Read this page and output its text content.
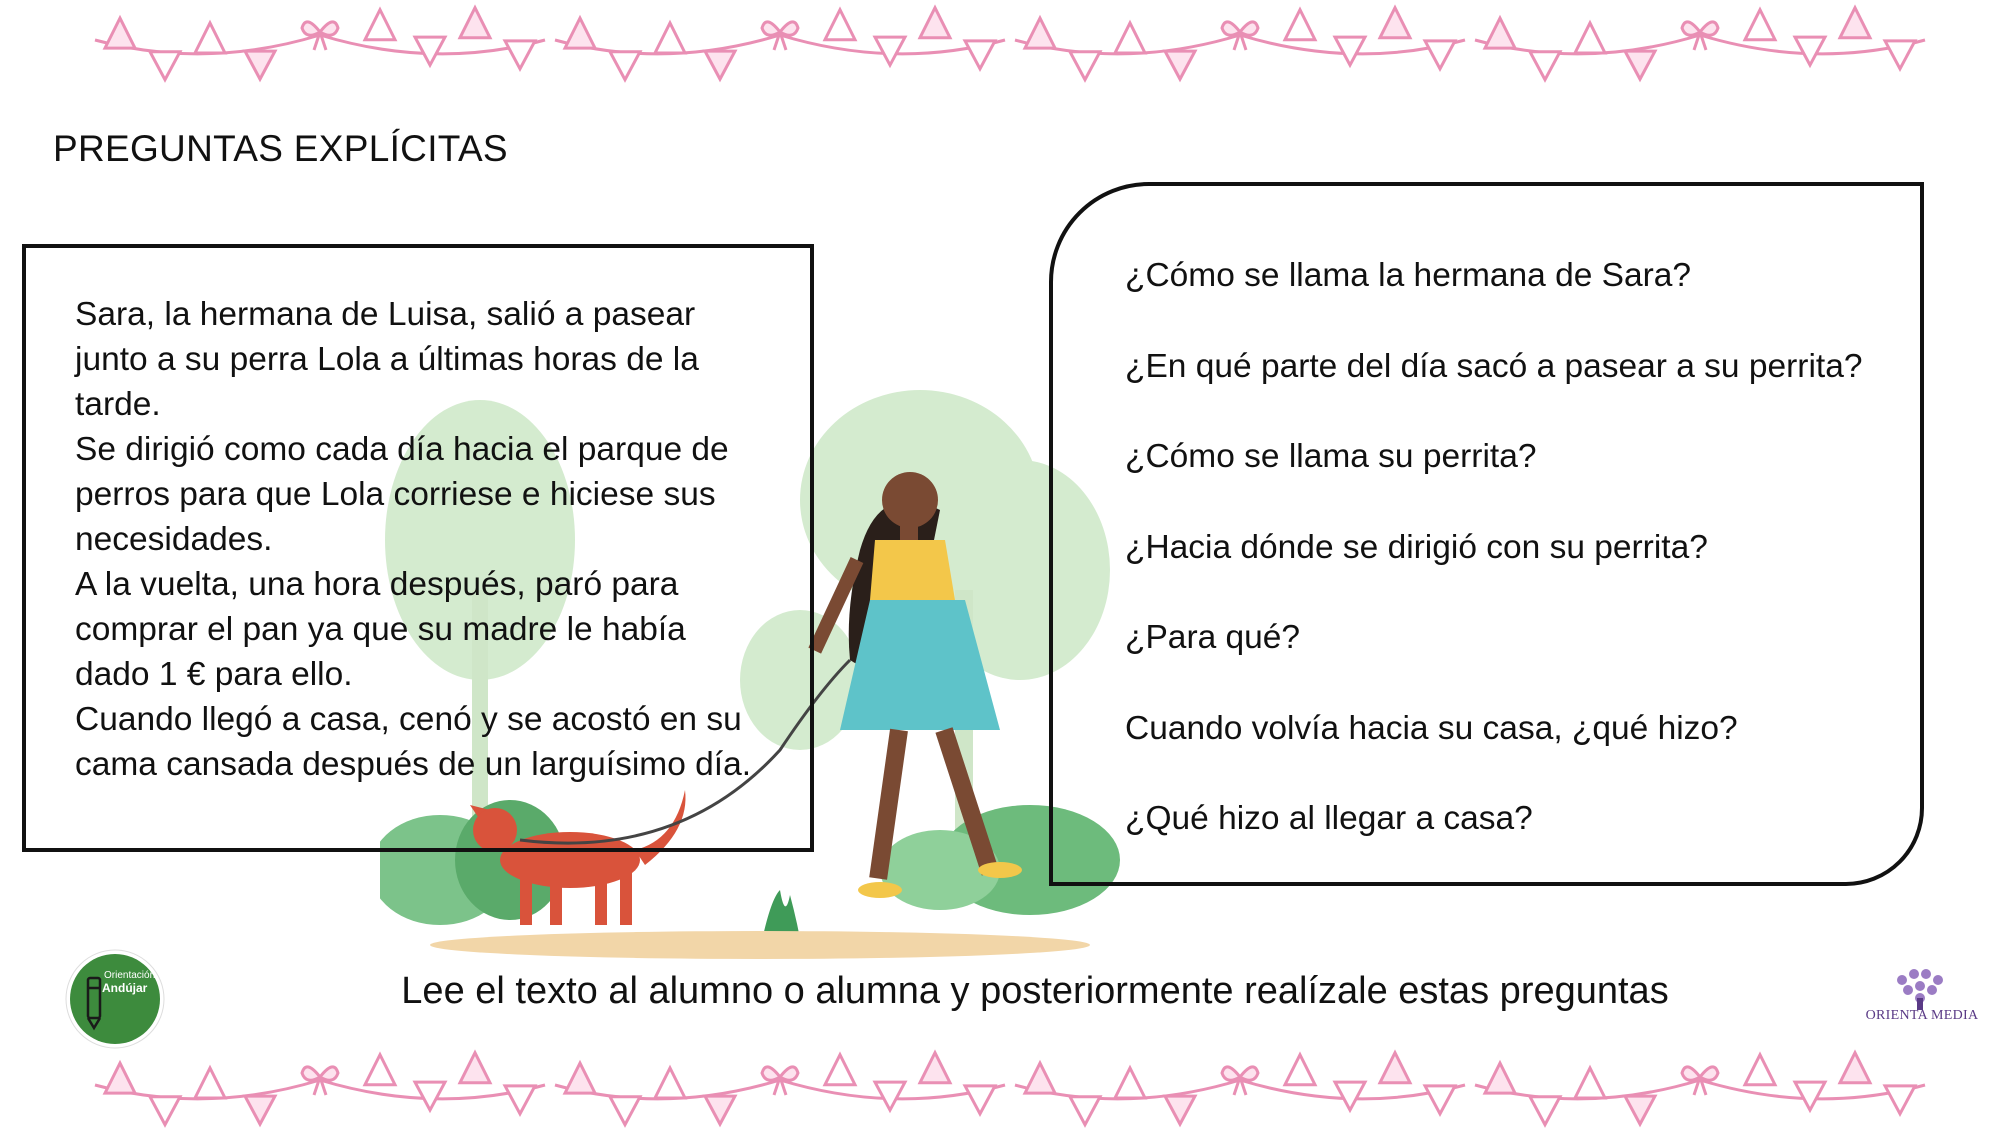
PREGUNTAS EXPLÍCITAS

Sara, la hermana de Luisa, salió a pasear

junto a su perra Lola a últimas horas de la

tarde.

Se dirigió como cada día hacia el parque de

perros para que Lola corriese e hiciese sus

necesidades.

A la vuelta, una hora después, paró para

comprar el pan ya que su madre le había

dado 1 € para ello.

Cuando llegó a casa, cenó y se acostó en su

cama cansada después de un larguísimo día.

¿Cómo se llama la hermana de Sara?
¿En qué parte del día sacó a pasear a su perrita?
¿Cómo se llama su perrita?
¿Hacia dónde se dirigió con su perrita?
¿Para qué?
Cuando volvía hacia su casa, ¿qué hizo?
¿Qué hizo al llegar a casa?
Lee el texto al alumno o alumna y posteriormente realízale estas preguntas
Orientación
Andújar
ORIENTA MEDIA
